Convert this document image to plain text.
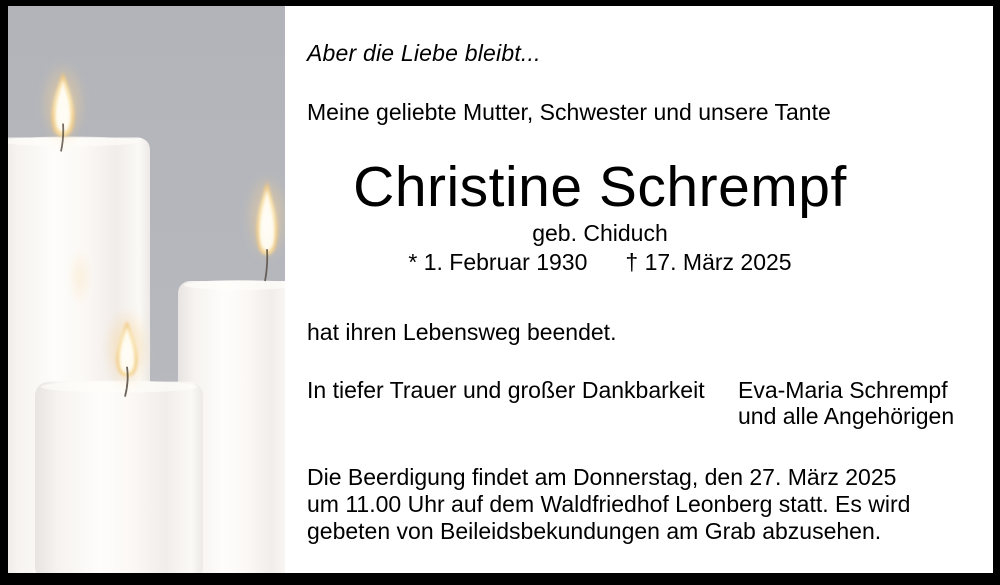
Aber die Liebe bleibt...
Meine geliebte Mutter, Schwester und unsere Tante
Christine Schrempf
geb. Chiduch
* 1. Februar 1930 † 17. März 2025
hat ihren Lebensweg beendet.
In tiefer Trauer und großer Dankbarkeit Eva-Maria Schrempf
und alle Angehörigen
Die Beerdigung findet am Donnerstag, den 27. März 2025
um 11.00 Uhr auf dem Waldfriedhof Leonberg statt. Es wird
gebeten von Beileidsbekundungen am Grab abzusehen.
